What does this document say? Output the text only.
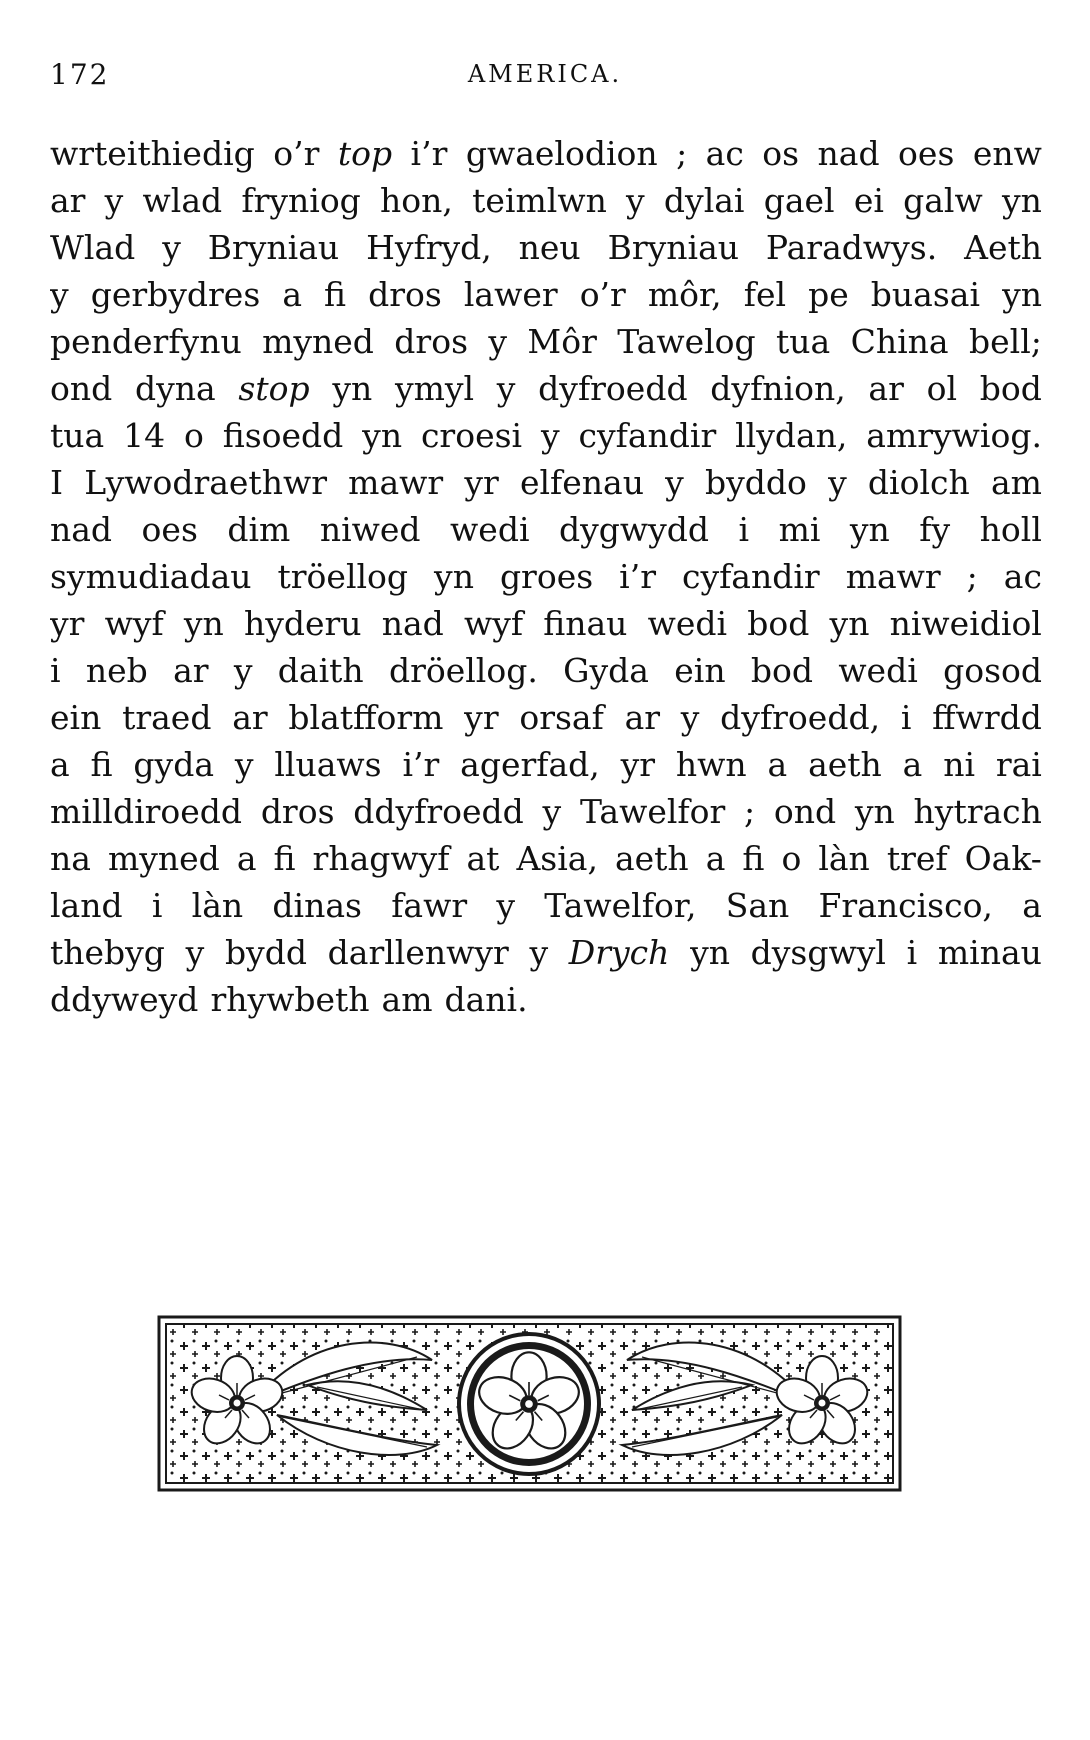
172	AMERICA.
wrteithiedig o’r top i’r gwaelodion ; ac os nad oes enw
ar y wlad fryniog hon, teimlwn y dylai gael ei galw yn
Wlad y Bryniau Hyfryd, neu Bryniau Paradwys. Aeth
y gerbydres a fi dros lawer o’r môr, fel pe buasai yn
penderfynu myned dros y Môr Tawelog tua China bell;
ond dyna stop yn ymyl y dyfroedd dyfnion, ar ol bod
tua 14 o fisoedd yn croesi y cyfandir llydan, amrywiog.
I Lywodraethwr mawr yr elfenau y byddo y diolch am
nad oes dim niwed wedi dygwydd i mi yn fy holl
symudiadau tröellog yn groes i’r cyfandir mawr ; ac
yr wyf yn hyderu nad wyf finau wedi bod yn niweidiol
i neb ar y daith dröellog. Gyda ein bod wedi gosod
ein traed ar blatfform yr orsaf ar y dyfroedd, i ffwrdd
a fi gyda y lluaws i’r agerfad, yr hwn a aeth a ni rai
milldiroedd dros ddyfroedd y Tawelfor ; ond yn hytrach
na myned a fi rhagwyf at Asia, aeth a fi o làn tref Oak-
land i làn dinas fawr y Tawelfor, San Francisco, a
thebyg y bydd darllenwyr y Drych yn dysgwyl i minau
ddyweyd rhywbeth am dani.
